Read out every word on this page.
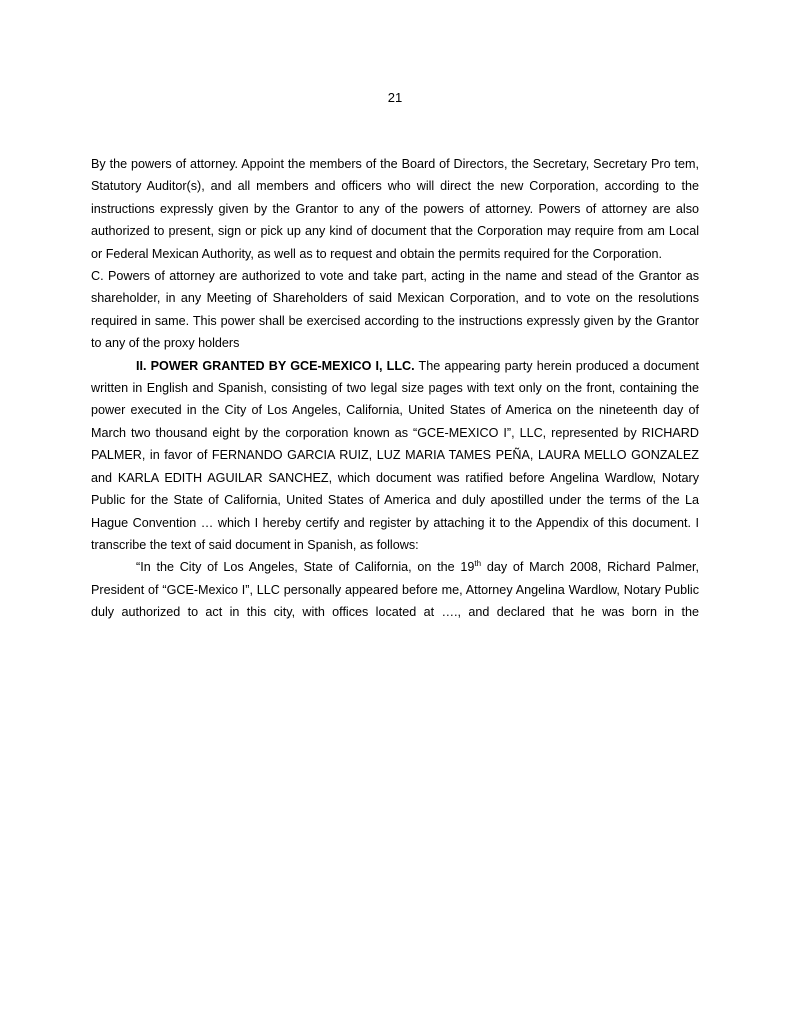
21

By the powers of attorney. Appoint the members of the Board of Directors, the Secretary, Secretary Pro tem, Statutory Auditor(s), and all members and officers who will direct the new Corporation, according to the instructions expressly given by the Grantor to any of the powers of attorney. Powers of attorney are also authorized to present, sign or pick up any kind of document that the Corporation may require from am Local or Federal Mexican Authority, as well as to request and obtain the permits required for the Corporation.

C. Powers of attorney are authorized to vote and take part, acting in the name and stead of the Grantor as shareholder, in any Meeting of Shareholders of said Mexican Corporation, and to vote on the resolutions required in same. This power shall be exercised according to the instructions expressly given by the Grantor to any of the proxy holders

II. POWER GRANTED BY GCE-MEXICO I, LLC. The appearing party herein produced a document written in English and Spanish, consisting of two legal size pages with text only on the front, containing the power executed in the City of Los Angeles, California, United States of America on the nineteenth day of March two thousand eight by the corporation known as “GCE-MEXICO I”, LLC, represented by RICHARD PALMER, in favor of FERNANDO GARCIA RUIZ, LUZ MARIA TAMES PEÑA, LAURA MELLO GONZALEZ and KARLA EDITH AGUILAR SANCHEZ, which document was ratified before Angelina Wardlow, Notary Public for the State of California, United States of America and duly apostilled under the terms of the La Hague Convention … which I hereby certify and register by attaching it to the Appendix of this document. I transcribe the text of said document in Spanish, as follows:

“In the City of Los Angeles, State of California, on the 19th day of March 2008, Richard Palmer, President of “GCE-Mexico I”, LLC personally appeared before me, Attorney Angelina Wardlow, Notary Public duly authorized to act in this city, with offices located at …., and declared that he was born in the
